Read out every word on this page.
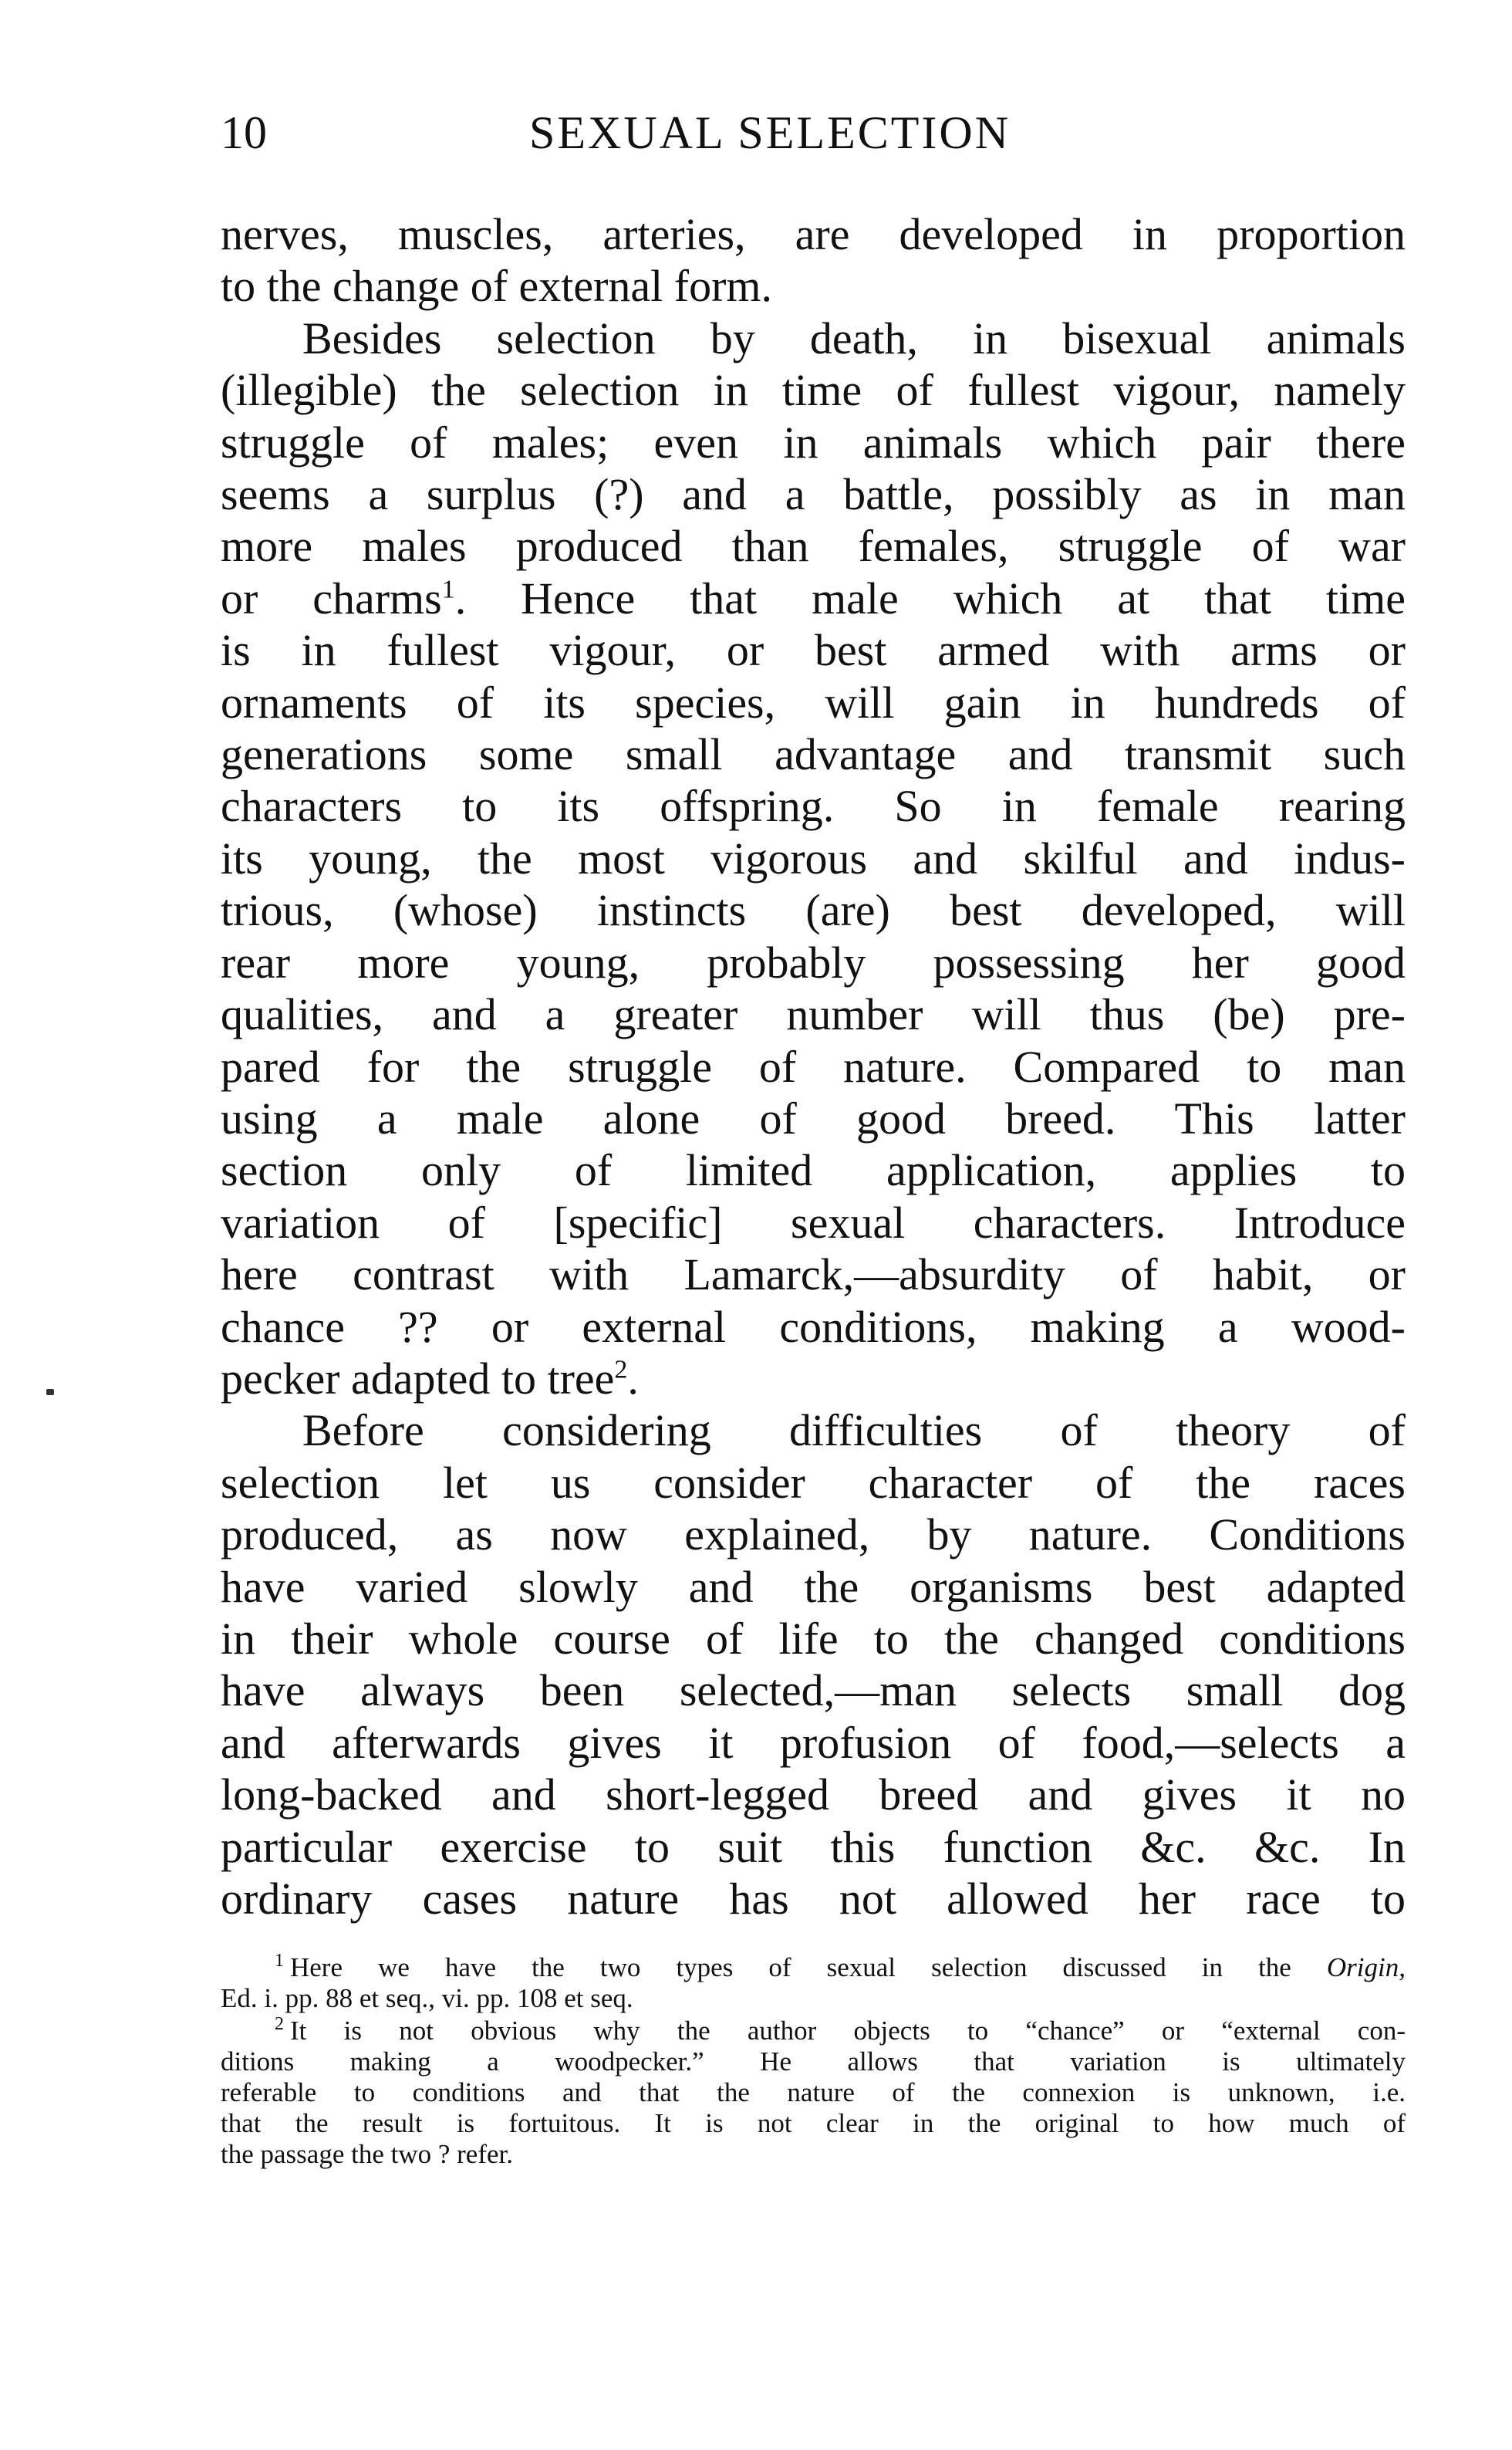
10	SEXUAL SELECTION

nerves, muscles, arteries, are developed in proportion
to the change of external form.

Besides selection by death, in bisexual animals
(illegible) the selection in time of fullest vigour, namely
struggle of males; even in animals which pair there
seems a surplus (?) and a battle, possibly as in man
more males produced than females, struggle of war
or charms$^1$. Hence that male which at that time
is in fullest vigour, or best armed with arms or
ornaments of its species, will gain in hundreds of
generations some small advantage and transmit such
characters to its offspring. So in female rearing
its young, the most vigorous and skilful and indus-
trious, (whose) instincts (are) best developed, will
rear more young, probably possessing her good
qualities, and a greater number will thus (be) pre-
pared for the struggle of nature. Compared to man
using a male alone of good breed. This latter
section only of limited application, applies to
variation of [specific] sexual characters. Introduce
here contrast with Lamarck,—absurdity of habit, or
chance ?? or external conditions, making a wood-
pecker adapted to tree$^2$.

Before considering difficulties of theory of
selection let us consider character of the races
produced, as now explained, by nature. Conditions
have varied slowly and the organisms best adapted
in their whole course of life to the changed conditions
have always been selected,—man selects small dog
and afterwards gives it profusion of food,—selects a
long-backed and short-legged breed and gives it no
particular exercise to suit this function &c. &c. In
ordinary cases nature has not allowed her race to

$^1$ Here we have the two types of sexual selection discussed in the Origin,
Ed. i. pp. 88 et seq., vi. pp. 108 et seq.
$^2$ It is not obvious why the author objects to “chance” or “external con-
ditions making a woodpecker.” He allows that variation is ultimately
referable to conditions and that the nature of the connexion is unknown, i.e.
that the result is fortuitous. It is not clear in the original to how much of
the passage the two ? refer.
